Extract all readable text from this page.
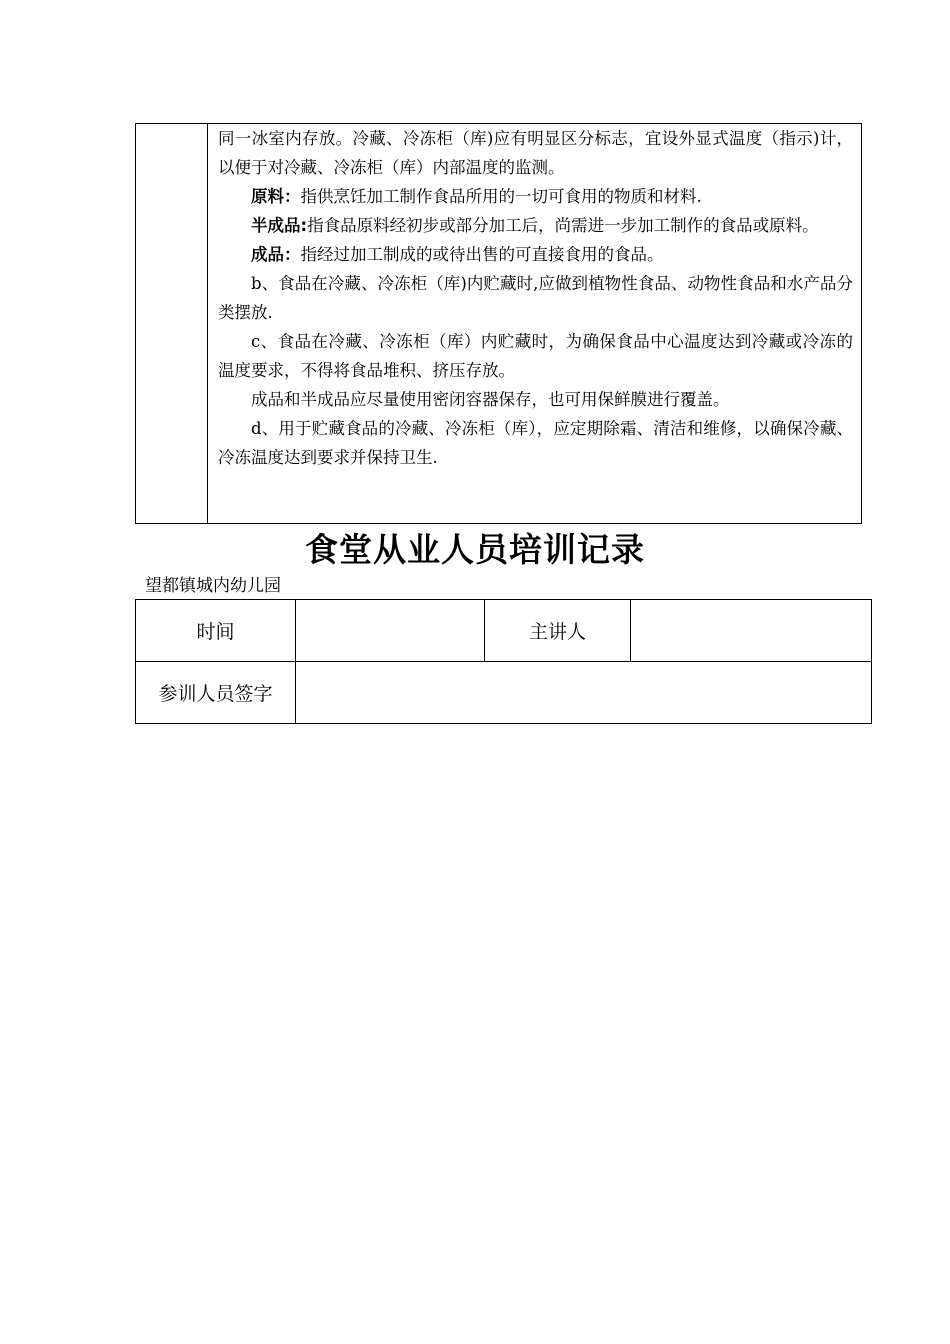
同一冰室内存放。冷藏、冷冻柜（库)应有明显区分标志，宜设外显式温度（指示)计，以便于对冷藏、冷冻柜（库）内部温度的监测。

原料：指供烹饪加工制作食品所用的一切可食用的物质和材料.

半成品:指食品原料经初步或部分加工后，尚需进一步加工制作的食品或原料。

成品：指经过加工制成的或待出售的可直接食用的食品。

b、食品在冷藏、冷冻柜（库)内贮藏时,应做到植物性食品、动物性食品和水产品分类摆放.

c、食品在冷藏、冷冻柜（库）内贮藏时，为确保食品中心温度达到冷藏或冷冻的温度要求，不得将食品堆积、挤压存放。

成品和半成品应尽量使用密闭容器保存，也可用保鲜膜进行覆盖。

d、用于贮藏食品的冷藏、冷冻柜（库），应定期除霜、清洁和维修，以确保冷藏、冷冻温度达到要求并保持卫生.

食堂从业人员培训记录
望都镇城内幼儿园
时间		主讲人	
参训人员签字			
